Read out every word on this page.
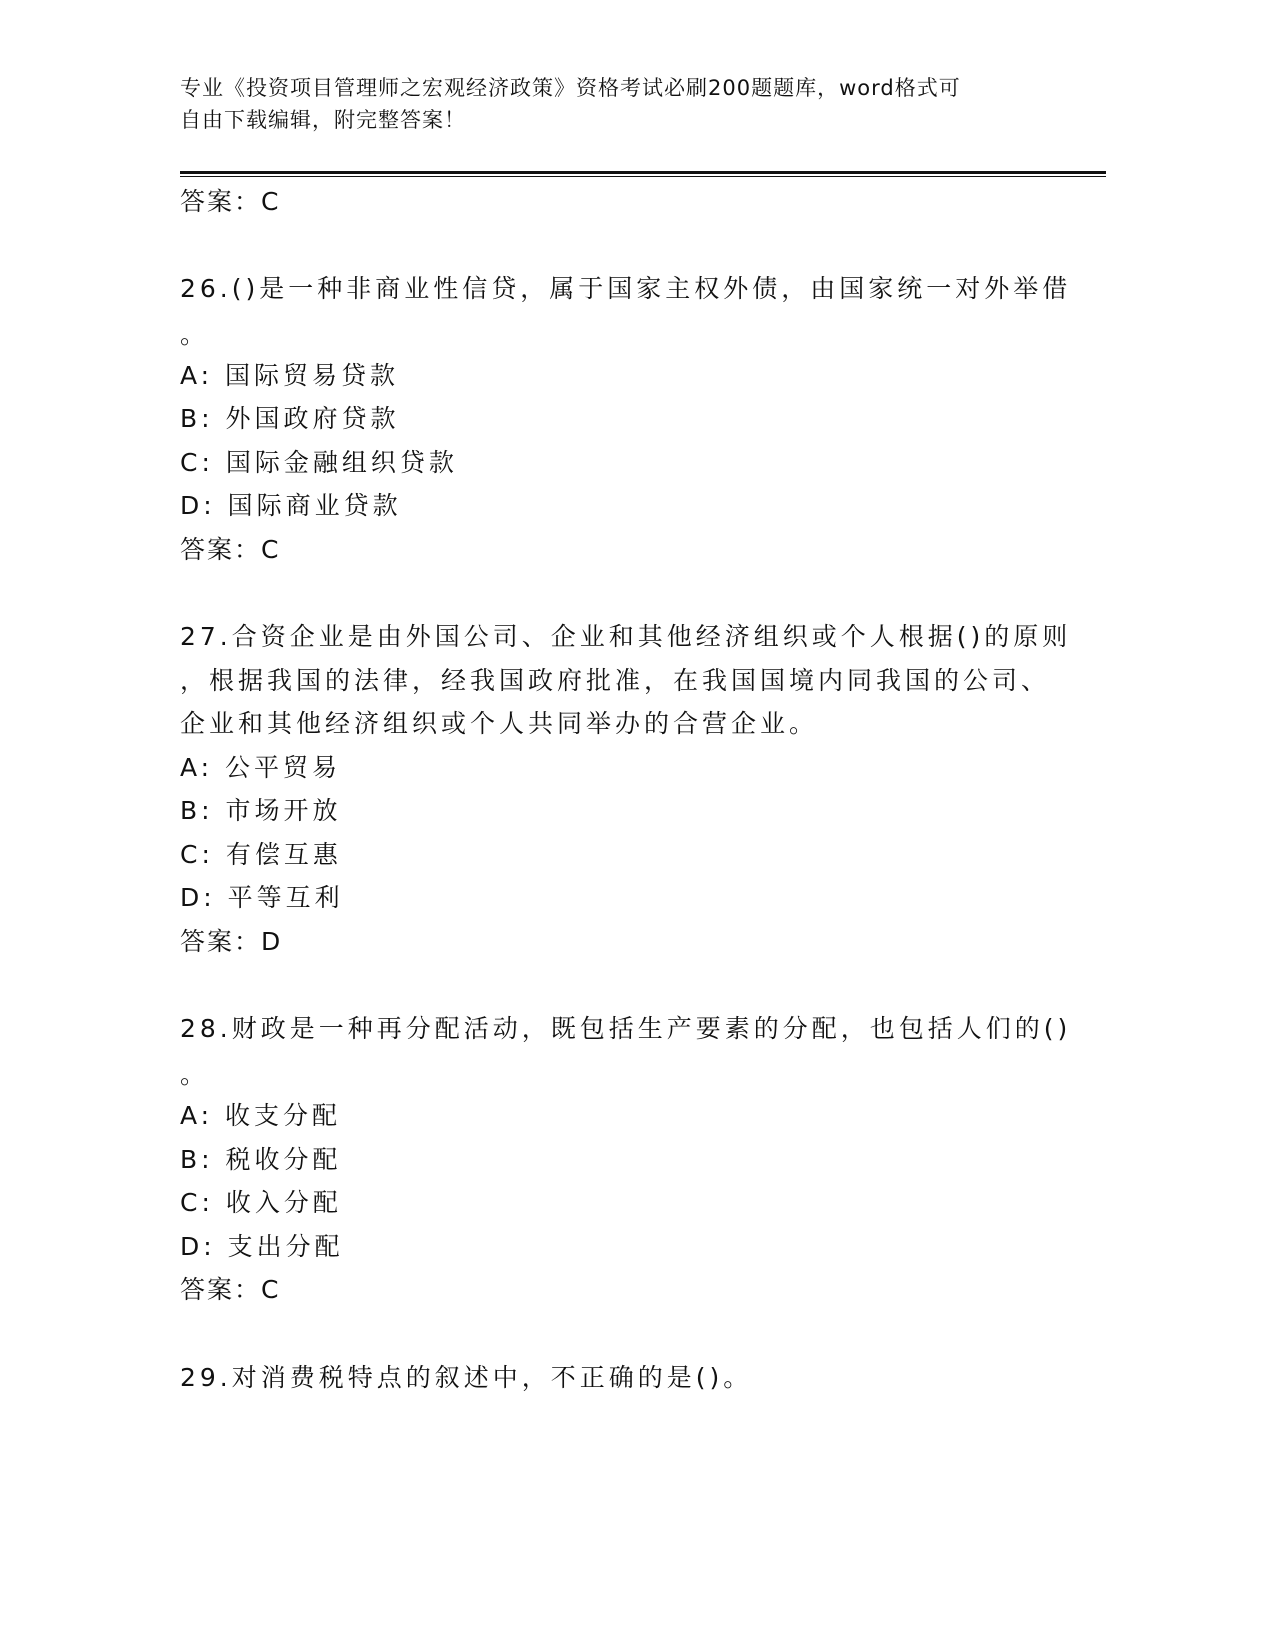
专业《投资项目管理师之宏观经济政策》资格考试必刷200题题库，word格式可
自由下载编辑，附完整答案！
答案：C
26.()是一种非商业性信贷，属于国家主权外债，由国家统一对外举借
。
A: 国际贸易贷款
B: 外国政府贷款
C: 国际金融组织贷款
D: 国际商业贷款
答案：C
27.合资企业是由外国公司、企业和其他经济组织或个人根据()的原则
，根据我国的法律，经我国政府批准，在我国国境内同我国的公司、
企业和其他经济组织或个人共同举办的合营企业。
A: 公平贸易
B: 市场开放
C: 有偿互惠
D: 平等互利
答案：D
28.财政是一种再分配活动，既包括生产要素的分配，也包括人们的()
。
A: 收支分配
B: 税收分配
C: 收入分配
D: 支出分配
答案：C
29.对消费税特点的叙述中，不正确的是()。
